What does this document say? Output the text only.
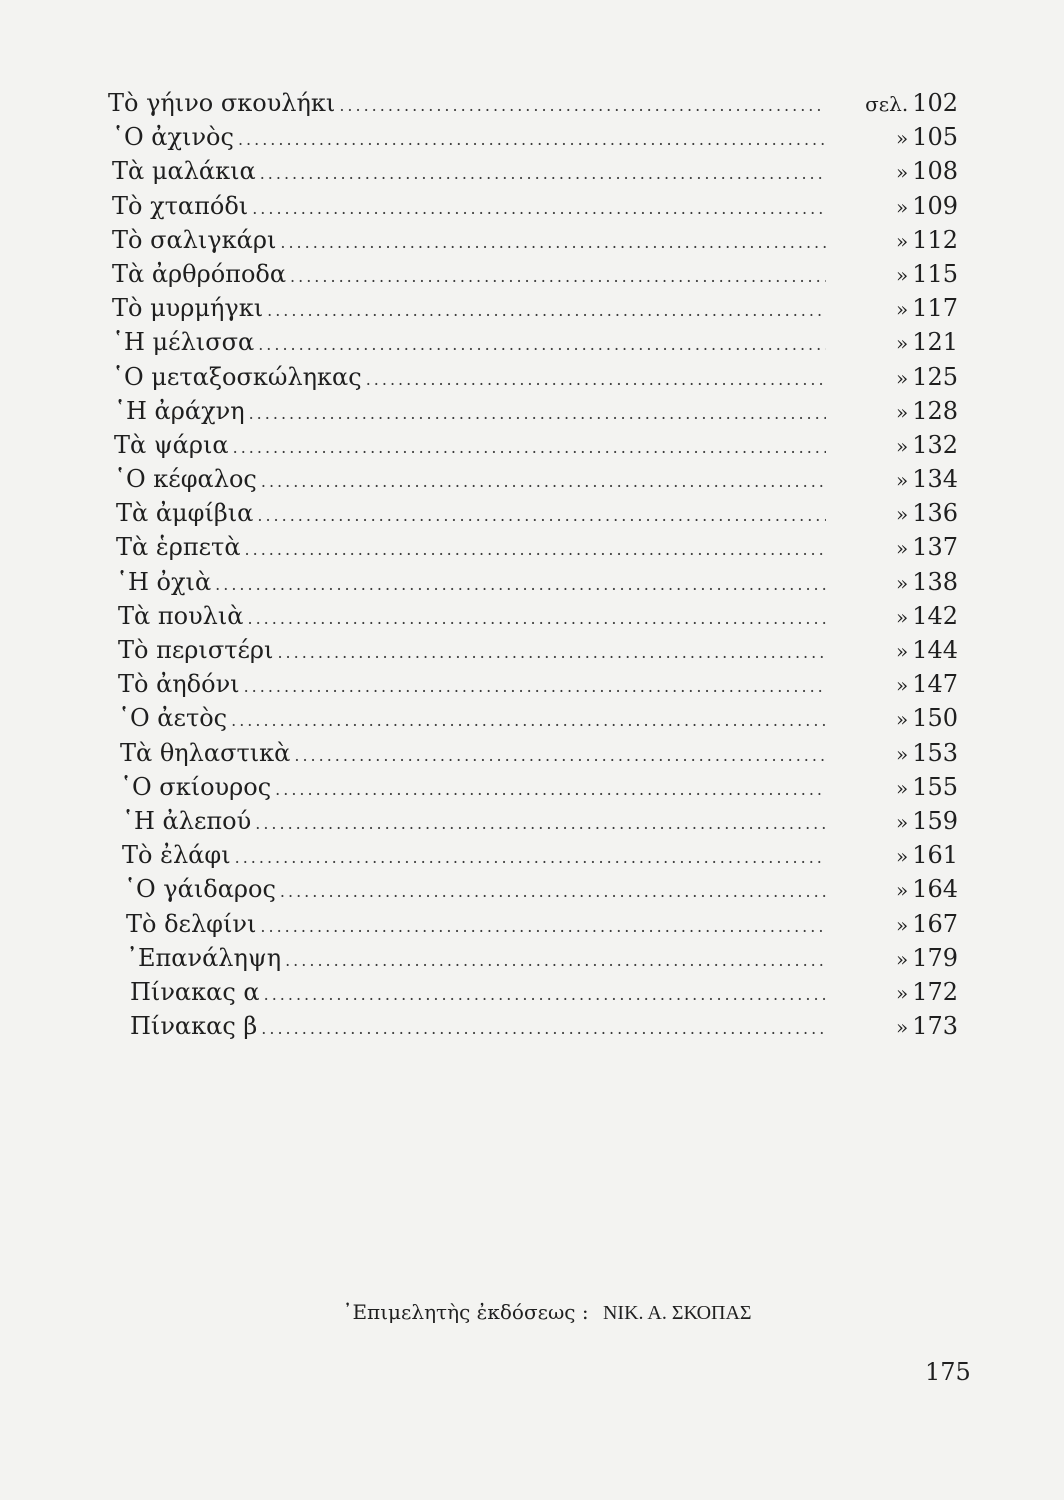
Τὸ γήινο σκουλήκι .....	σελ. 102
῾Ο ἀχινὸς .....	» 105
Τὰ μαλάκια .....	» 108
Τὸ χταπόδι .....	» 109
Τὸ σαλιγκάρι .....	» 112
Τὰ ἀρθρόποδα .....	» 115
Τὸ μυρμήγκι .....	» 117
῾Η μέλισσα .....	» 121
῾Ο μεταξοσκώληκας .....	» 125
῾Η ἀράχνη .....	» 128
Τὰ ψάρια .....	» 132
῾Ο κέφαλος .....	» 134
Τὰ ἀμφίβια .....	» 136
Τὰ ἑρπετὰ .....	» 137
῾Η ὀχιὰ .....	» 138
Τὰ πουλιὰ .....	» 142
Τὸ περιστέρι .....	» 144
Τὸ ἀηδόνι .....	» 147
῾Ο ἀετὸς .....	» 150
Τὰ θηλαστικὰ .....	» 153
῾Ο σκίουρος .....	» 155
῾Η ἀλεπού .....	» 159
Τὸ ἐλάφι .....	» 161
῾Ο γάιδαρος .....	» 164
Τὸ δελφίνι .....	» 167
᾿Επανάληψη .....	» 179
Πίνακας α .....	» 172
Πίνακας β .....	» 173
᾿Επιμελητὴς ἐκδόσεως : ΝΙΚ. Α. ΣΚΟΠΑΣ
175
